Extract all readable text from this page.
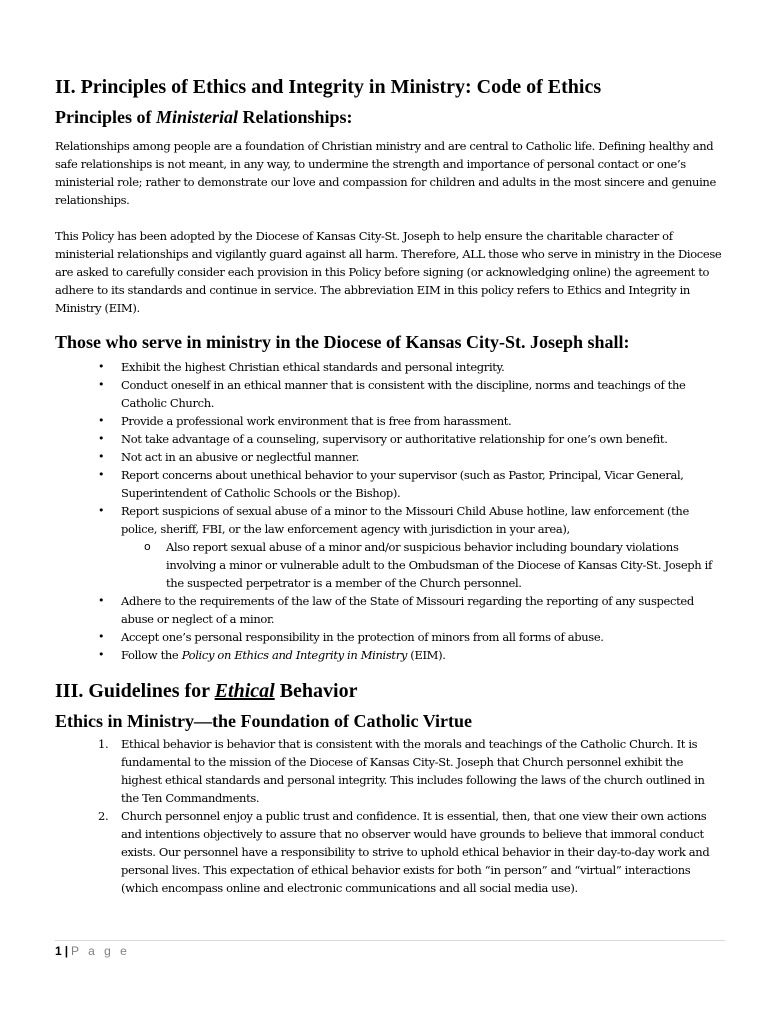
II. Principles of Ethics and Integrity in Ministry: Code of Ethics
Principles of Ministerial Relationships:

Relationships among people are a foundation of Christian ministry and are central to Catholic life. Defining healthy and safe relationships is not meant, in any way, to undermine the strength and importance of personal contact or one’s ministerial role; rather to demonstrate our love and compassion for children and adults in the most sincere and genuine relationships.

This Policy has been adopted by the Diocese of Kansas City-St. Joseph to help ensure the charitable character of ministerial relationships and vigilantly guard against all harm. Therefore, ALL those who serve in ministry in the Diocese are asked to carefully consider each provision in this Policy before signing (or acknowledging online) the agreement to adhere to its standards and continue in service. The abbreviation EIM in this policy refers to Ethics and Integrity in Ministry (EIM).

Those who serve in ministry in the Diocese of Kansas City-St. Joseph shall:
• Exhibit the highest Christian ethical standards and personal integrity.
• Conduct oneself in an ethical manner that is consistent with the discipline, norms and teachings of the Catholic Church.
• Provide a professional work environment that is free from harassment.
• Not take advantage of a counseling, supervisory or authoritative relationship for one’s own benefit.
• Not act in an abusive or neglectful manner.
• Report concerns about unethical behavior to your supervisor (such as Pastor, Principal, Vicar General, Superintendent of Catholic Schools or the Bishop).
• Report suspicions of sexual abuse of a minor to the Missouri Child Abuse hotline, law enforcement (the police, sheriff, FBI, or the law enforcement agency with jurisdiction in your area),
o Also report sexual abuse of a minor and/or suspicious behavior including boundary violations involving a minor or vulnerable adult to the Ombudsman of the Diocese of Kansas City-St. Joseph if the suspected perpetrator is a member of the Church personnel.
• Adhere to the requirements of the law of the State of Missouri regarding the reporting of any suspected abuse or neglect of a minor.
• Accept one’s personal responsibility in the protection of minors from all forms of abuse.
• Follow the Policy on Ethics and Integrity in Ministry (EIM).
III. Guidelines for Ethical Behavior
Ethics in Ministry—the Foundation of Catholic Virtue
1. Ethical behavior is behavior that is consistent with the morals and teachings of the Catholic Church. It is fundamental to the mission of the Diocese of Kansas City-St. Joseph that Church personnel exhibit the highest ethical standards and personal integrity. This includes following the laws of the church outlined in the Ten Commandments.
2. Church personnel enjoy a public trust and confidence. It is essential, then, that one view their own actions and intentions objectively to assure that no observer would have grounds to believe that immoral conduct exists. Our personnel have a responsibility to strive to uphold ethical behavior in their day-to-day work and personal lives. This expectation of ethical behavior exists for both “in person” and “virtual” interactions (which encompass online and electronic communications and all social media use).
1 | P a g e
